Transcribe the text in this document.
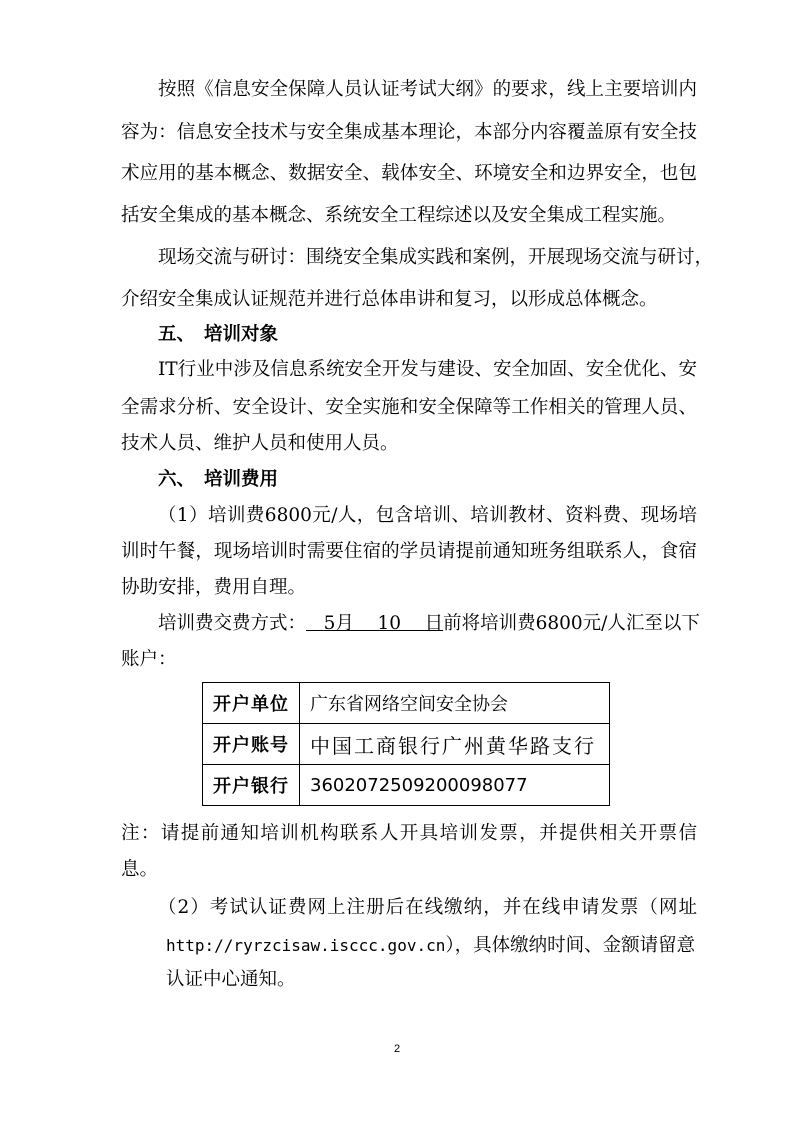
按照《信息安全保障人员认证考试大纲》的要求，线上主要培训内
容为：信息安全技术与安全集成基本理论，本部分内容覆盖原有安全技
术应用的基本概念、数据安全、载体安全、环境安全和边界安全，也包
括安全集成的基本概念、系统安全工程综述以及安全集成工程实施。
现场交流与研讨：围绕安全集成实践和案例，开展现场交流与研讨，
介绍安全集成认证规范并进行总体串讲和复习，以形成总体概念。
五、 培训对象
IT行业中涉及信息系统安全开发与建设、安全加固、安全优化、安
全需求分析、安全设计、安全实施和安全保障等工作相关的管理人员、
技术人员、维护人员和使用人员。
六、 培训费用
（1）培训费6800元/人，包含培训、培训教材、资料费、现场培
训时午餐，现场培训时需要住宿的学员请提前通知班务组联系人，食宿
协助安排，费用自理。
培训费交费方式： 5月 10 日前将培训费6800元/人汇至以下
账户：
开户单位	广东省网络空间安全协会
开户账号	中国工商银行广州黄华路支行
开户银行	3602072509200098077
注：请提前通知培训机构联系人开具培训发票，并提供相关开票信
息。
（2）考试认证费网上注册后在线缴纳，并在线申请发票（网址
http://ryrzcisaw.isccc.gov.cn），具体缴纳时间、金额请留意
认证中心通知。
2
